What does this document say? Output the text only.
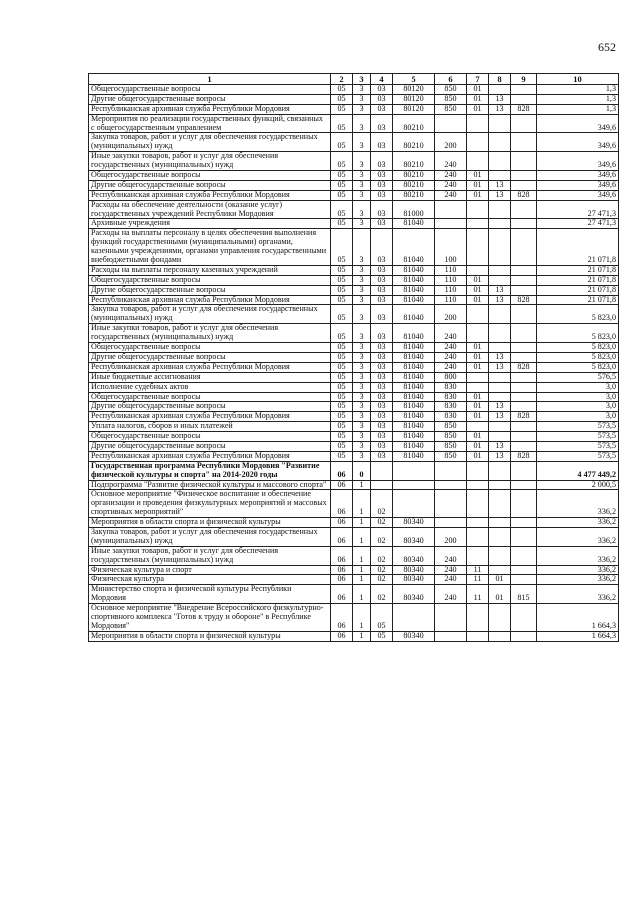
652
1	2	3	4	5	6	7	8	9	10
Общегосударственные вопросы	05	3	03	80120	850	01			1,3
Другие общегосударственные вопросы	05	3	03	80120	850	01	13		1,3
Республиканская архивная служба Республики Мордовия	05	3	03	80120	850	01	13	828	1,3
Мероприятия по реализации государственных функций, связанных с общегосударственным управлением	05	3	03	80210					349,6
Закупка товаров, работ и услуг для обеспечения государственных (муниципальных) нужд	05	3	03	80210	200				349,6
Иные закупки товаров, работ и услуг для обеспечения государственных (муниципальных) нужд	05	3	03	80210	240				349,6
Общегосударственные вопросы	05	3	03	80210	240	01			349,6
Другие общегосударственные вопросы	05	3	03	80210	240	01	13		349,6
Республиканская архивная служба Республики Мордовия	05	3	03	80210	240	01	13	828	349,6
Расходы на обеспечение деятельности (оказание услуг) государственных учреждений Республики Мордовия	05	3	03	81000					27 471,3
Архивные учреждения	05	3	03	81040					27 471,3
Расходы на выплаты персоналу в целях обеспечения выполнения функций государственными (муниципальными) органами, казенными учреждениями, органами управления государственными внебюджетными фондами	05	3	03	81040	100				21 071,8
Расходы на выплаты персоналу казенных учреждений	05	3	03	81040	110				21 071,8
Общегосударственные вопросы	05	3	03	81040	110	01			21 071,8
Другие общегосударственные вопросы	05	3	03	81040	110	01	13		21 071,8
Республиканская архивная служба Республики Мордовия	05	3	03	81040	110	01	13	828	21 071,8
Закупка товаров, работ и услуг для обеспечения государственных (муниципальных) нужд	05	3	03	81040	200				5 823,0
Иные закупки товаров, работ и услуг для обеспечения государственных (муниципальных) нужд	05	3	03	81040	240				5 823,0
Общегосударственные вопросы	05	3	03	81040	240	01			5 823,0
Другие общегосударственные вопросы	05	3	03	81040	240	01	13		5 823,0
Республиканская архивная служба Республики Мордовия	05	3	03	81040	240	01	13	828	5 823,0
Иные бюджетные ассигнования	05	3	03	81040	800				576,5
Исполнение судебных актов	05	3	03	81040	830				3,0
Общегосударственные вопросы	05	3	03	81040	830	01			3,0
Другие общегосударственные вопросы	05	3	03	81040	830	01	13		3,0
Республиканская архивная служба Республики Мордовия	05	3	03	81040	830	01	13	828	3,0
Уплата налогов, сборов и иных платежей	05	3	03	81040	850				573,5
Общегосударственные вопросы	05	3	03	81040	850	01			573,5
Другие общегосударственные вопросы	05	3	03	81040	850	01	13		573,5
Республиканская архивная служба Республики Мордовия	05	3	03	81040	850	01	13	828	573,5
Государственная программа Республики Мордовия "Развитие физической культуры и спорта" на 2014-2020 годы	06	0							4 477 449,2
Подпрограмма "Развитие физической культуры и массового спорта"	06	1							2 000,5
Основное мероприятие "Физическое воспитание и обеспечение организации и проведения физкультурных мероприятий и массовых спортивных мероприятий"	06	1	02						336,2
Мероприятия в области спорта и физической культуры	06	1	02	80340					336,2
Закупка товаров, работ и услуг для обеспечения государственных (муниципальных) нужд	06	1	02	80340	200				336,2
Иные закупки товаров, работ и услуг для обеспечения государственных (муниципальных) нужд	06	1	02	80340	240				336,2
Физическая культура и спорт	06	1	02	80340	240	11			336,2
Физическая культура	06	1	02	80340	240	11	01		336,2
Министерство спорта и физической культуры Республики Мордовия	06	1	02	80340	240	11	01	815	336,2
Основное мероприятие "Внедрение Всероссийского физкультурно-спортивного комплекса "Готов к труду и обороне" в Республике Мордовия"	06	1	05						1 664,3
Мероприятия в области спорта и физической культуры	06	1	05	80340					1 664,3
